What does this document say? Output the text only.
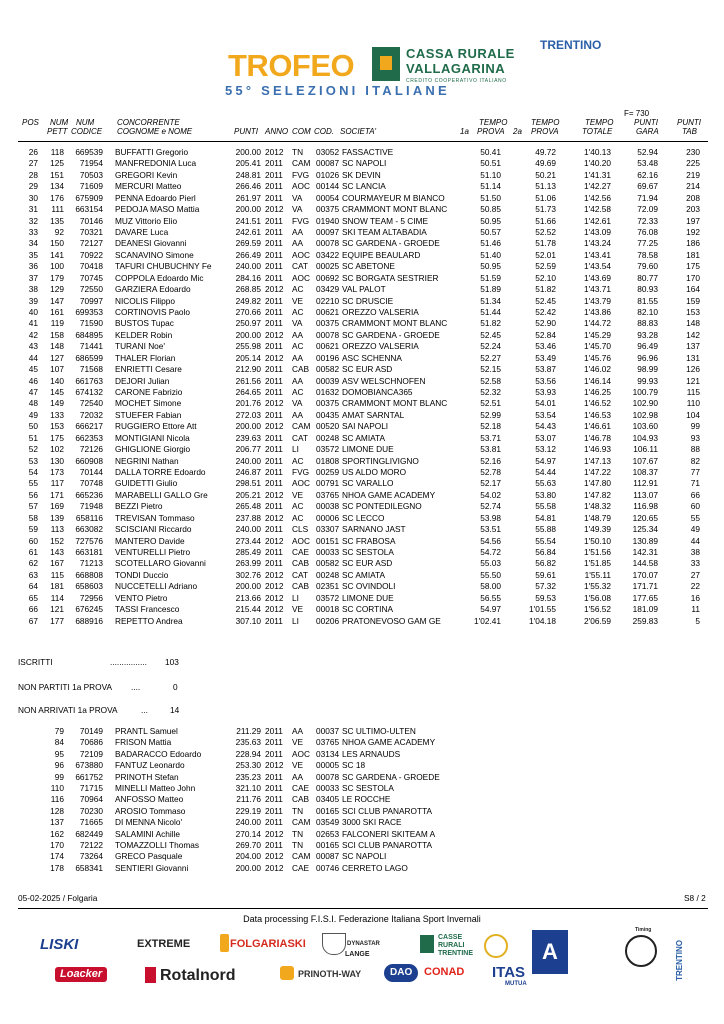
TROFEO	CASSA RURALE
VALLAGARINA
CREDITO COOPERATIVO ITALIANO
TRENTINO
55° SELEZIONI ITALIANE
F= 730
POS NUM
PETT
NUM
CODICE
CONCORRENTE
COGNOME e NOME	PUNTI ANNO COM COD. SOCIETA'
TEMPO
1a PROVA
TEMPO
2a PROVA
TEMPO
TOTALE
PUNTI
GARA
PUNTI
TAB
26 118 669539 BUFFATTI Gregorio	200.00 2012 TN 03052 FASSACTIVE	50.41	49.72	1'40.13	52.94	230
27 125 71954 MANFREDONIA Luca	205.41 2011 CAM 00087 SC NAPOLI	50.51	49.69	1'40.20	53.48	225
28 151 70503 GREGORI Kevin	248.81 2011 FVG 01026 SK DEVIN	51.10	50.21	1'41.31	62.16	219
29 134 71609 MERCURI Matteo	266.46 2011 AOC 00144 SC LANCIA	51.14	51.13	1'42.27	69.67	214
30 176 675909 PENNA Edoardo Pierl	261.97 2011 VA 00054 COURMAYEUR M BIANCO	51.50	51.06	1'42.56	71.94	208
31 111 663154 PEDOJA MASO Mattia	200.00 2012 VA 00375 CRAMMONT MONT BLANC	50.85	51.73	1'42.58	72.09	203
32 135 70146 MUZ Vittorio Elio	241.51 2011 FVG 01940 SNOW TEAM - 5 CIME	50.95	51.66	1'42.61	72.33	197
33 92 70321 DAVARE Luca	242.61 2011 AA 00097 SKI TEAM ALTABADIA	50.57	52.52	1'43.09	76.08	192
34 150 72127 DEANESI Giovanni	269.59 2011 AA 00078 SC GARDENA - GROEDE	51.46	51.78	1'43.24	77.25	186
35 141 70922 SCANAVINO Simone	266.49 2011 AOC 03422 EQUIPE BEAULARD	51.40	52.01	1'43.41	78.58	181
36 100 70418 TAFURI CHUBUCHNY Fe	240.00 2011 CAT 00025 SC ABETONE	50.95	52.59	1'43.54	79.60	175
37 179 70745 COPPOLA Edoardo Mic	284.16 2011 AOC 00692 SC BORGATA SESTRIER	51.59	52.10	1'43.69	80.77	170
38 129 72550 GARZIERA Edoardo	268.85 2012 AC 03429 VAL PALOT	51.89	51.82	1'43.71	80.93	164
39 147 70997 NICOLIS Filippo	249.82 2011 VE 02210 SC DRUSCIE	51.34	52.45	1'43.79	81.55	159
40 161 699353 CORTINOVIS Paolo	270.66 2011 AC 00621 OREZZO VALSERIA	51.44	52.42	1'43.86	82.10	153
41 119 71590 BUSTOS Tupac	250.97 2011 VA 00375 CRAMMONT MONT BLANC	51.82	52.90	1'44.72	88.83	148
42 158 684895 KELDER Robin	200.00 2012 AA 00078 SC GARDENA - GROEDE	52.45	52.84	1'45.29	93.28	142
43 148 71441 TURANI Noe'	255.98 2011 AC 00621 OREZZO VALSERIA	52.24	53.46	1'45.70	96.49	137
44 127 686599 THALER Florian	205.14 2012 AA 00196 ASC SCHENNA	52.27	53.49	1'45.76	96.96	131
45 107 71568 ENRIETTI Cesare	212.90 2011 CAB 00582 SC EUR ASD	52.15	53.87	1'46.02	98.99	126
46 140 661763 DEJORI Julian	261.56 2011 AA 00039 ASV WELSCHNOFEN	52.58	53.56	1'46.14	99.93	121
47 145 674132 CARONE Fabrizio	264.65 2011 AC 01632 DOMOBIANCA365	52.32	53.93	1'46.25	100.79	115
48 149 72540 MOCHET Simone	201.76 2012 VA 00375 CRAMMONT MONT BLANC	52.51	54.01	1'46.52	102.90	110
49 133 72032 STUEFER Fabian	272.03 2011 AA 00435 AMAT SARNTAL	52.99	53.54	1'46.53	102.98	104
50 153 666217 RUGGIERO Ettore Att	200.00 2012 CAM 00520 SAI NAPOLI	52.18	54.43	1'46.61	103.60	99
51 175 662353 MONTIGIANI Nicola	239.63 2011 CAT 00248 SC AMIATA	53.71	53.07	1'46.78	104.93	93
52 102 72126 GHIGLIONE Giorgio	206.77 2011 LI 03572 LIMONE DUE	53.81	53.12	1'46.93	106.11	88
53 130 660908 NEGRINI Nathan	240.00 2011 AC 01808 SPORTINGLIVIGNO	52.16	54.97	1'47.13	107.67	82
54 173 70144 DALLA TORRE Edoardo	246.87 2011 FVG 00259 US ALDO MORO	52.78	54.44	1'47.22	108.37	77
55 117 70748 GUIDETTI Giulio	298.51 2011 AOC 00791 SC VARALLO	52.17	55.63	1'47.80	112.91	71
56 171 665236 MARABELLI GALLO Gre	205.21 2012 VE 03765 NHOA GAME ACADEMY	54.02	53.80	1'47.82	113.07	66
57 169 71948 BEZZI Pietro	265.48 2011 AC 00038 SC PONTEDILEGNO	52.74	55.58	1'48.32	116.98	60
58 139 658116 TREVISAN Tommaso	237.88 2012 AC 00006 SC LECCO	53.98	54.81	1'48.79	120.65	55
59 113 663082 SCISCIANI Riccardo	240.00 2011 CLS 03307 SARNANO JAST	53.51	55.88	1'49.39	125.34	49
60 152 727576 MANTERO Davide	273.44 2012 AOC 00151 SC FRABOSA	54.56	55.54	1'50.10	130.89	44
61 143 663181 VENTURELLI Pietro	285.49 2011 CAE 00033 SC SESTOLA	54.72	56.84	1'51.56	142.31	38
62 167 71213 SCOTELLARO Giovanni	263.99 2011 CAB 00582 SC EUR ASD	55.03	56.82	1'51.85	144.58	33
63 115 668808 TONDI Duccio	302.76 2012 CAT 00248 SC AMIATA	55.50	59.61	1'55.11	170.07	27
64 181 658603 NUCCETELLI Adriano	200.00 2012 CAB 02351 SC OVINDOLI	58.00	57.32	1'55.32	171.71	22
65 114 72956 VENTO Pietro	213.66 2012 LI 03572 LIMONE DUE	56.55	59.53	1'56.08	177.65	16
66 121 676245 TASSI Francesco	215.44 2012 VE 00018 SC CORTINA	54.97	1'01.55	1'56.52	181.09	11
67 177 688916 REPETTO Andrea	307.10 2011 LI 00206 PRATONEVOSO GAM GE	1'02.41	1'04.18	2'06.59	259.83	5
ISCRITTI	................ 103
NON PARTITI 1a PROVA ....	0
NON ARRIVATI 1a PROVA	...	14
79 70149 PRANTL Samuel	211.29 2011 AA 00037 SC ULTIMO-ULTEN
84 70686 FRISON Mattia	235.63 2011 VE 03765 NHOA GAME ACADEMY
95 72109 BADARACCO Edoardo	228.94 2011 AOC 03134 LES ARNAUDS
96 673880 FANTUZ Leonardo	253.30 2012 VE 00005 SC 18
99 661752 PRINOTH Stefan	235.23 2011 AA 00078 SC GARDENA - GROEDE
110 71715 MINELLI Matteo John	321.10 2011 CAE 00033 SC SESTOLA
116 70964 ANFOSSO Matteo	211.76 2011 CAB 03405 LE ROCCHE
128 70230 AROSIO Tommaso	229.19 2011 TN 00165 SCI CLUB PANAROTTA
137 71665 DI MENNA Nicolo'	240.00 2011 CAM 03549 3000 SKI RACE
162 682449 SALAMINI Achille	270.14 2012 TN 02653 FALCONERI SKITEAM A
170 72122 TOMAZZOLLI Thomas	269.70 2011 TN 00165 SCI CLUB PANAROTTA
174 73264 GRECO Pasquale	204.00 2012 CAM 00087 SC NAPOLI
178 658341 SENTIERI Giovanni	200.00 2012 CAE 00746 CERRETO LAGO
05-02-2025 / Folgaria	S8 / 2
Data processing F.I.S.I. Federazione Italiana Sport Invernali
LISKI	EXTREME	FOLGARIASKI	DYNASTAR
LANGE
CASSE
RURALI
TRENTINE	A
Timing
TRENTINO
Loacker	Rotalnord	PRINOTH-WAY	DAO	CONAD ITAS
MUTUA
